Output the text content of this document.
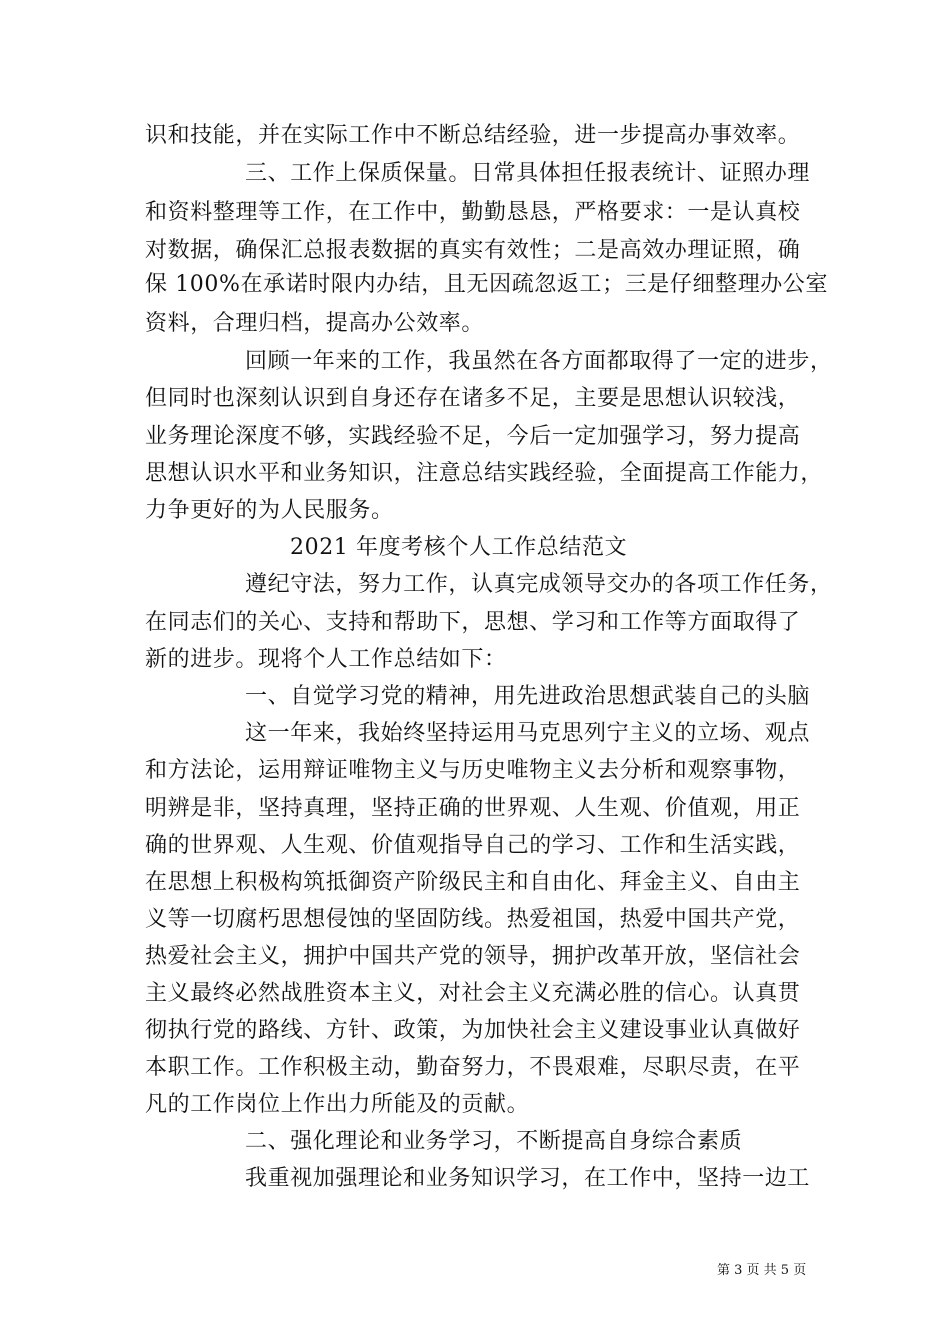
识和技能，并在实际工作中不断总结经验，进一步提高办事效率。
三、工作上保质保量。日常具体担任报表统计、证照办理
和资料整理等工作，在工作中，勤勤恳恳，严格要求：一是认真校
对数据，确保汇总报表数据的真实有效性；二是高效办理证照，确
保 100%在承诺时限内办结，且无因疏忽返工；三是仔细整理办公室
资料，合理归档，提高办公效率。
回顾一年来的工作，我虽然在各方面都取得了一定的进步，
但同时也深刻认识到自身还存在诸多不足，主要是思想认识较浅，
业务理论深度不够，实践经验不足，今后一定加强学习，努力提高
思想认识水平和业务知识，注意总结实践经验，全面提高工作能力，
力争更好的为人民服务。
2021 年度考核个人工作总结范文
遵纪守法，努力工作，认真完成领导交办的各项工作任务，
在同志们的关心、支持和帮助下，思想、学习和工作等方面取得了
新的进步。现将个人工作总结如下：
一、自觉学习党的精神，用先进政治思想武装自己的头脑
这一年来，我始终坚持运用马克思列宁主义的立场、观点
和方法论，运用辩证唯物主义与历史唯物主义去分析和观察事物，
明辨是非，坚持真理，坚持正确的世界观、人生观、价值观，用正
确的世界观、人生观、价值观指导自己的学习、工作和生活实践，
在思想上积极构筑抵御资产阶级民主和自由化、拜金主义、自由主
义等一切腐朽思想侵蚀的坚固防线。热爱祖国，热爱中国共产党，
热爱社会主义，拥护中国共产党的领导，拥护改革开放，坚信社会
主义最终必然战胜资本主义，对社会主义充满必胜的信心。认真贯
彻执行党的路线、方针、政策，为加快社会主义建设事业认真做好
本职工作。工作积极主动，勤奋努力，不畏艰难，尽职尽责，在平
凡的工作岗位上作出力所能及的贡献。
二、强化理论和业务学习，不断提高自身综合素质
我重视加强理论和业务知识学习，在工作中，坚持一边工
第 3 页 共 5 页
